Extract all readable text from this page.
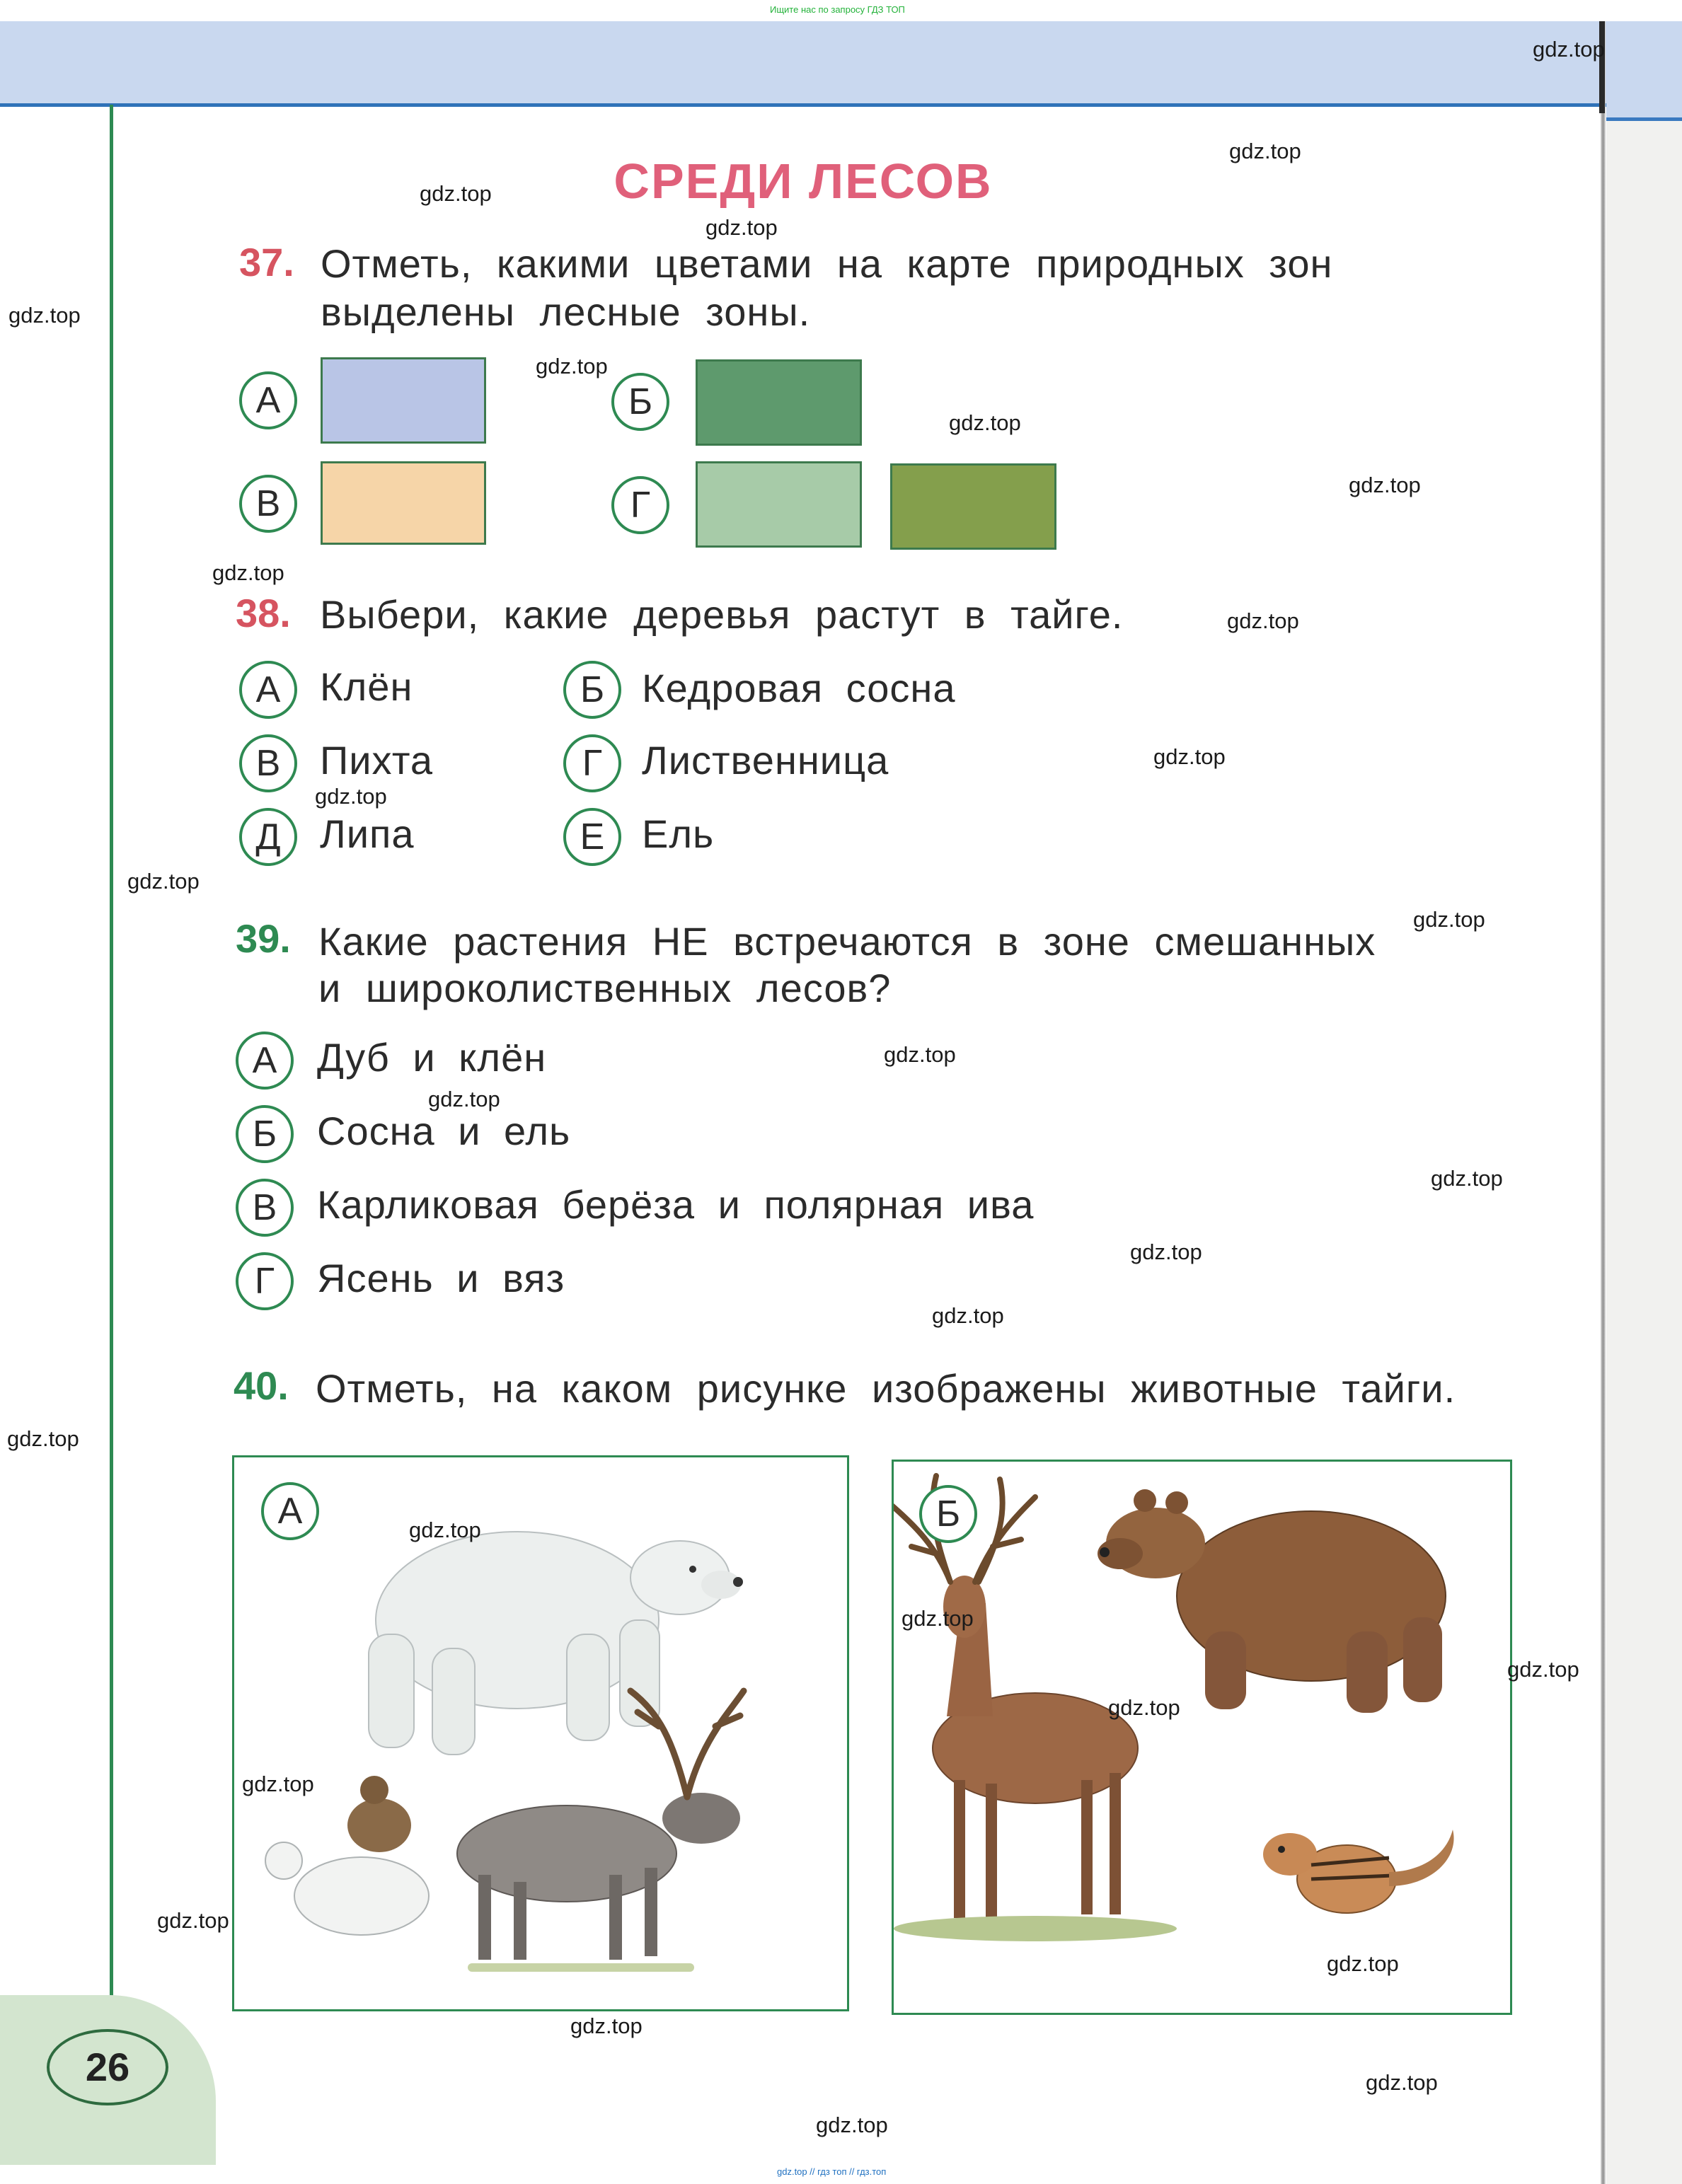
26
Ищите нас по запросу ГДЗ ТОП
gdz.top // гдз топ // гдз.топ
СРЕДИ ЛЕСОВ
37. Отметь, какими цветами на карте природных зон
выделены лесные зоны.
А	Б
В	Г
38. Выбери, какие деревья растут в тайге.
А Клён	Б Кедровая сосна
В Пихта	Г Лиственница
Д Липа	Е Ель
39. Какие растения НЕ встречаются в зоне смешанных
и широколиственных лесов?
А	Дуб и клён
Б	Сосна и ель
В	Карликовая берёза и полярная ива
Г	Ясень и вяз
40. Отметь, на каком рисунке изображены животные тайги.
А	Б
gdz.top
gdz.top
gdz.top
gdz.top
gdz.top
gdz.top
gdz.top
gdz.top
gdz.top
gdz.top
gdz.top
gdz.top
gdz.top
gdz.top
gdz.top
gdz.top
gdz.top
gdz.top
gdz.top
gdz.top
gdz.top
gdz.top
gdz.top
gdz.top
gdz.top
gdz.top
gdz.top
gdz.top
gdz.top
gdz.top
